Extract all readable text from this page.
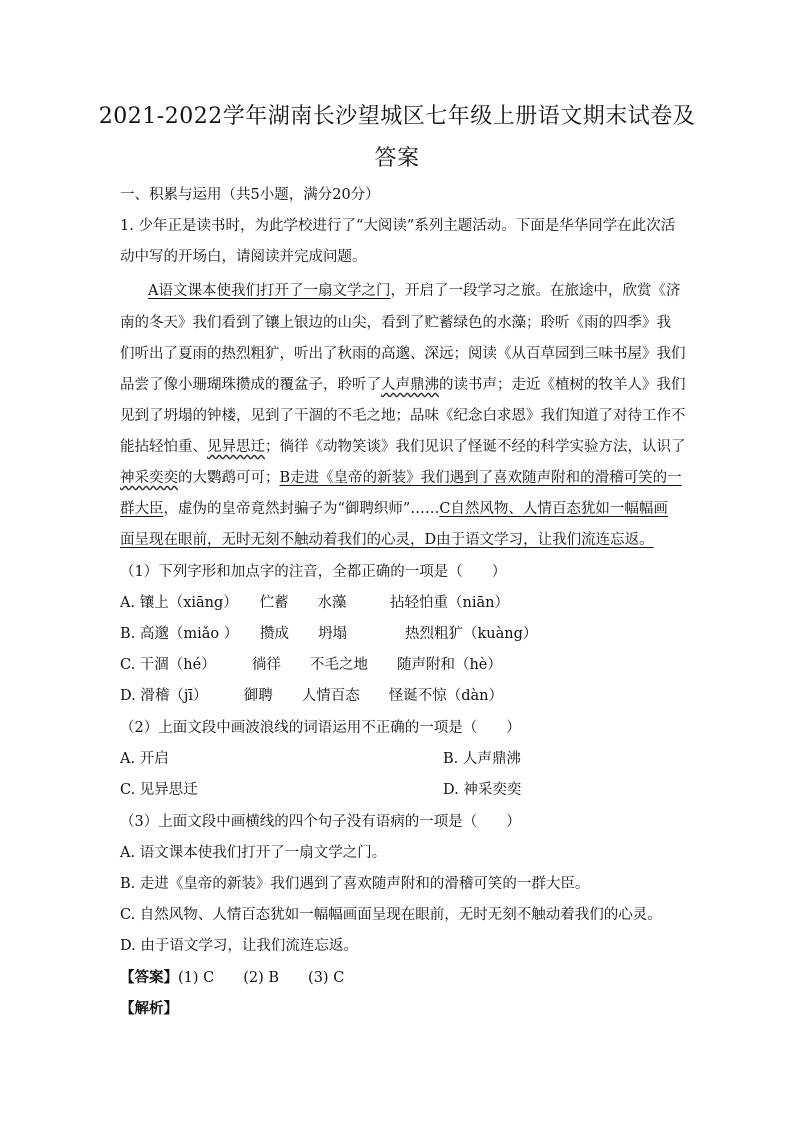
2021-2022学年湖南长沙望城区七年级上册语文期末试卷及
答案
一、积累与运用（共5小题，满分20分）
1. 少年正是读书时，为此学校进行了“大阅读”系列主题活动。下面是华华同学在此次活
动中写的开场白，请阅读并完成问题。
A语文课本使我们打开了一扇文学之门，开启了一段学习之旅。在旅途中，欣赏《济
南的冬天》我们看到了镶上银边的山尖，看到了贮蓄绿色的水藻；聆听《雨的四季》我
们听出了夏雨的热烈粗犷，听出了秋雨的高邈、深远；阅读《从百草园到三味书屋》我们
品尝了像小珊瑚珠攒成的覆盆子，聆听了人声鼎沸的读书声；走近《植树的牧羊人》我们
见到了坍塌的钟楼，见到了干涸的不毛之地；品味《纪念白求恩》我们知道了对待工作不
能拈轻怕重、见异思迁；徜徉《动物笑谈》我们见识了怪诞不经的科学实验方法，认识了
神采奕奕的大鹦鹉可可；B走进《皇帝的新装》我们遇到了喜欢随声附和的滑稽可笑的一
群大臣，虚伪的皇帝竟然封骗子为“御聘织师”……C自然风物、人情百态犹如一幅幅画
面呈现在眼前，无时无刻不触动着我们的心灵，D由于语文学习，让我们流连忘返。
（1）下列字形和加点字的注音，全都正确的一项是（　　）
A. 镶上（xiāng）　　伫蓄　　水藻　　　拈轻怕重（niān）
B. 高邈（miǎo ）　　攒成　　坍塌　　　　热烈粗犷（kuàng）
C. 干涸（hé）　　　徜徉　　不毛之地　　随声附和（hè）
D. 滑稽（jī）　　　御聘　　人情百态　　怪诞不惊（dàn）
（2）上面文段中画波浪线的词语运用不正确的一项是（　　）
A. 开启	B. 人声鼎沸
C. 见异思迁	D. 神采奕奕
（3）上面文段中画横线的四个句子没有语病的一项是（　　）
A. 语文课本使我们打开了一扇文学之门。
B. 走进《皇帝的新装》我们遇到了喜欢随声附和的滑稽可笑的一群大臣。
C. 自然风物、人情百态犹如一幅幅画面呈现在眼前，无时无刻不触动着我们的心灵。
D. 由于语文学习，让我们流连忘返。
【答案】(1) C　　(2) B　　(3) C
【解析】
